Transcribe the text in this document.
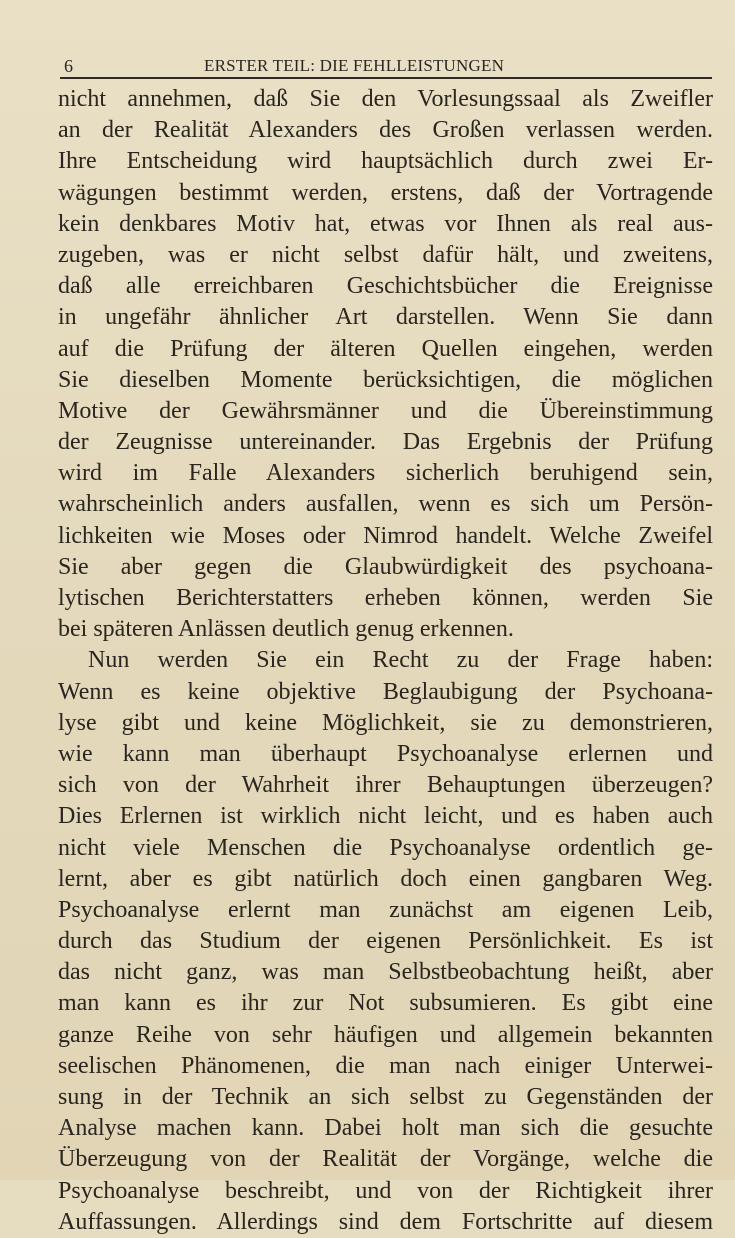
6	ERSTER TEIL: DIE FEHLLEISTUNGEN
nicht annehmen, daß Sie den Vorlesungssaal als Zweifler
an der Realität Alexanders des Großen verlassen werden.
Ihre Entscheidung wird hauptsächlich durch zwei Er-
wägungen bestimmt werden, erstens, daß der Vortragende
kein denkbares Motiv hat, etwas vor Ihnen als real aus-
zugeben, was er nicht selbst dafür hält, und zweitens,
daß alle erreichbaren Geschichtsbücher die Ereignisse
in ungefähr ähnlicher Art darstellen. Wenn Sie dann
auf die Prüfung der älteren Quellen eingehen, werden
Sie dieselben Momente berücksichtigen, die möglichen
Motive der Gewährsmänner und die Übereinstimmung
der Zeugnisse untereinander. Das Ergebnis der Prüfung
wird im Falle Alexanders sicherlich beruhigend sein,
wahrscheinlich anders ausfallen, wenn es sich um Persön-
lichkeiten wie Moses oder Nimrod handelt. Welche Zweifel
Sie aber gegen die Glaubwürdigkeit des psychoana-
lytischen Berichterstatters erheben können, werden Sie
bei späteren Anlässen deutlich genug erkennen.
Nun werden Sie ein Recht zu der Frage haben:
Wenn es keine objektive Beglaubigung der Psychoana-
lyse gibt und keine Möglichkeit, sie zu demonstrieren,
wie kann man überhaupt Psychoanalyse erlernen und
sich von der Wahrheit ihrer Behauptungen überzeugen?
Dies Erlernen ist wirklich nicht leicht, und es haben auch
nicht viele Menschen die Psychoanalyse ordentlich ge-
lernt, aber es gibt natürlich doch einen gangbaren Weg.
Psychoanalyse erlernt man zunächst am eigenen Leib,
durch das Studium der eigenen Persönlichkeit. Es ist
das nicht ganz, was man Selbstbeobachtung heißt, aber
man kann es ihr zur Not subsumieren. Es gibt eine
ganze Reihe von sehr häufigen und allgemein bekannten
seelischen Phänomenen, die man nach einiger Unterwei-
sung in der Technik an sich selbst zu Gegenständen der
Analyse machen kann. Dabei holt man sich die gesuchte
Überzeugung von der Realität der Vorgänge, welche die
Psychoanalyse beschreibt, und von der Richtigkeit ihrer
Auffassungen. Allerdings sind dem Fortschritte auf diesem
